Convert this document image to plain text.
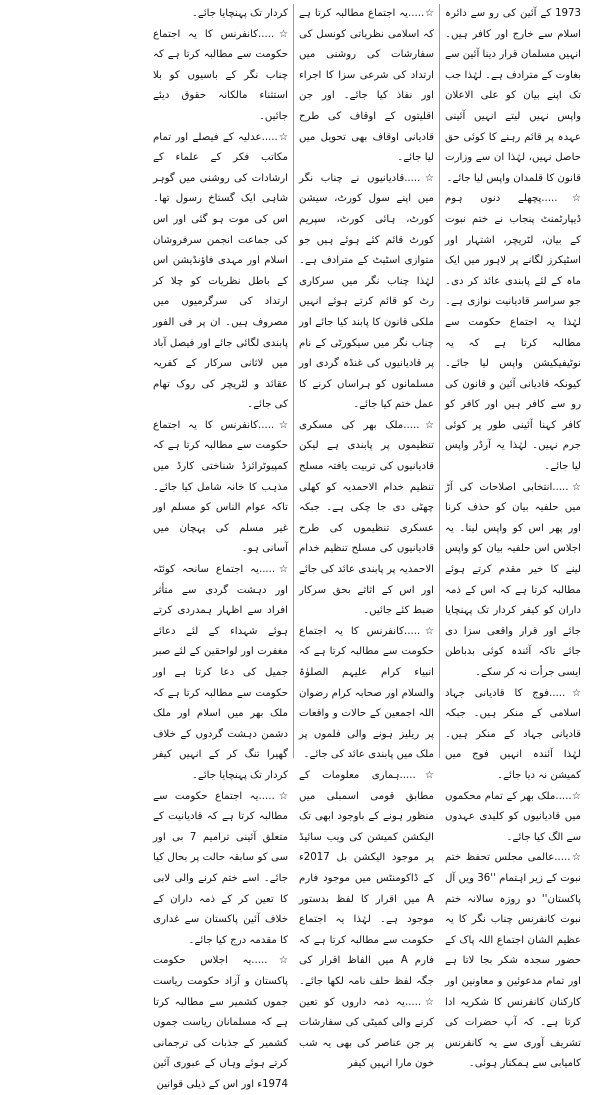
1973 کے آئین کی رو سے دائرہ اسلام سے خارج اور کافر ہیں۔ انہیں مسلمان قرار دینا آئین سے بغاوت کے مترادف ہے۔ لہٰذا جب تک اپنے بیان کو علی الاعلان واپس نہیں لیتے انہیں آئینی عہدہ پر قائم رہنے کا کوئی حق حاصل نہیں، لہٰذا ان سے وزارت قانون کا قلمدان واپس لیا جائے۔

☆.....پچھلے دنوں ہوم ڈیپارٹمنٹ پنجاب نے ختم نبوت کے بیان، لٹریچر، اشتہار اور اسٹیکرز لگانے پر لاہور میں ایک ماہ کے لئے پابندی عائد کر دی۔ جو سراسر قادیانیت نوازی ہے۔ لہٰذا یہ اجتماع حکومت سے مطالبہ کرتا ہے کہ یہ نوٹیفیکیشن واپس لیا جائے۔ کیونکہ قادیانی آئین و قانون کی رو سے کافر ہیں اور کافر کو کافر کہنا آئینی طور پر کوئی جرم نہیں۔ لہٰذا یہ آرڈر واپس لیا جائے۔

☆.....انتخابی اصلاحات کی آڑ میں حلفیہ بیان کو حذف کرنا اور پھر اس کو واپس لینا۔ یہ اجلاس اس حلفیہ بیان کو واپس لینے کا خیر مقدم کرتے ہوئے مطالبہ کرتا ہے کہ اس کے ذمہ داران کو کیفر کردار تک پہنچایا جائے اور قرار واقعی سزا دی جائے تاکہ آئندہ کوئی بدباطن ایسی جرأت نہ کر سکے۔

☆.....فوج کا قادیانی جہاد اسلامی کے منکر ہیں۔ جبکہ قادیانی جہاد کے منکر ہیں۔ لہٰذا آئندہ انہیں فوج میں کمیشن نہ دیا جائے۔

☆.....ملک بھر کے تمام محکموں میں قادیانیوں کو کلیدی عہدوں سے الگ کیا جائے۔

☆.....عالمی مجلس تحفظ ختم نبوت کے زیر اہتمام ''36 ویں آل پاکستان'' دو روزہ سالانہ ختم نبوت کانفرنس چناب نگر کا یہ عظیم الشان اجتماع اللہ پاک کے حضور سجدہ شکر بجا لاتا ہے اور تمام مدعوئین و معاونین اور کارکنان کانفرنس کا شکریہ ادا کرتا ہے۔ کہ آپ حضرات کی تشریف آوری سے یہ کانفرنس کامیابی سے ہمکنار ہوئی۔

☆.....یہ اجتماع مطالبہ کرتا ہے کہ اسلامی نظریاتی کونسل کی سفارشات کی روشنی میں ارتداد کی شرعی سزا کا اجراء اور نفاذ کیا جائے۔ اور جن اقلیتوں کے اوقاف کی طرح قادیانی اوقاف بھی تحویل میں لیا جائے۔

☆.....قادیانیوں نے چناب نگر میں اپنے سول کورٹ، سیشن کورٹ، ہائی کورٹ، سپریم کورٹ قائم کئے ہوئے ہیں جو متوازی اسٹیٹ کے مترادف ہے۔ لہٰذا چناب نگر میں سرکاری رٹ کو قائم کرتے ہوئے انہیں ملکی قانون کا پابند کیا جائے اور چناب نگر میں سیکورٹی کے نام پر قادیانیوں کی غنڈہ گردی اور مسلمانوں کو ہراساں کرنے کا عمل ختم کیا جائے۔

☆.....ملک بھر کی مسکری تنظیموں پر پابندی ہے لیکن قادیانیوں کی تربیت یافتہ مسلح تنظیم خدام الاحمدیہ کو کھلی چھٹی دی جا چکی ہے۔ جبکہ عسکری تنظیموں کی طرح قادیانیوں کی مسلح تنظیم خدام الاحمدیہ پر پابندی عائد کی جائے اور اس کے اثاثے بحق سرکار ضبط کئے جائیں۔

☆.....کانفرنس کا یہ اجتماع حکومت سے مطالبہ کرتا ہے کہ انبیاء کرام علیہم الصلوٰۃ والسلام اور صحابہ کرام رضوان اللہ اجمعین کے حالات و واقعات پر ریلیز ہونے والی فلموں پر ملک میں پابندی عائد کی جائے۔

☆.....ہماری معلومات کے مطابق قومی اسمبلی میں منظور ہونے کے باوجود ابھی تک الیکشن کمیشن کی ویب سائیڈ پر موجود الیکشن بل 2017ء کے ڈاکومنٹس میں موجود فارم A میں اقرار کا لفظ بدستور موجود ہے۔ لہٰذا یہ اجتماع حکومت سے مطالبہ کرتا ہے کہ فارم A میں الفاظ اقرار کی جگہ لفظ حلف نامہ لکھا جائے۔ ☆.....یہ ذمہ داروں کو تعین کرنے والی کمیٹی کی سفارشات پر جن عناصر کی بھی یہ شب خون مارا انہیں کیفر

کردار تک پہنچایا جائے۔

☆.....کانفرنس کا یہ اجتماع حکومت سے مطالبہ کرتا ہے کہ چناب نگر کے باسیوں کو بلا استثناء مالکانہ حقوق دیئے جائیں۔

☆.....عدلیہ کے فیصلے اور تمام مکاتب فکر کے علماء کے ارشادات کی روشنی میں گوہر شاہی ایک گستاخ رسول تھا۔ اس کی موت ہو گئی اور اس کی جماعت انجمن سرفروشان اسلام اور مہدی فاؤنڈیشن اس کے باطل نظریات کو چلا کر ارتداد کی سرگرمیوں میں مصروف ہیں۔ ان پر فی الفور پابندی لگائی جائے اور فیصل آباد میں لاثانی سرکار کے کفریہ عقائد و لٹریچر کی روک تھام کی جائے۔

☆.....کانفرنس کا یہ اجتماع حکومت سے مطالبہ کرتا ہے کہ کمپیوٹرائزڈ شناختی کارڈ میں مذہب کا خانہ شامل کیا جائے۔ تاکہ عوام الناس کو مسلم اور غیر مسلم کی پہچان میں آسانی ہو۔

☆.....یہ اجتماع سانحہ کوئٹہ اور دہشت گردی سے متأثر افراد سے اظہار ہمدردی کرتے ہوئے شہداء کے لئے دعائے مغفرت اور لواحقین کے لئے صبر جمیل کی دعا کرتا ہے اور حکومت سے مطالبہ کرتا ہے کہ ملک بھر میں اسلام اور ملک دشمن دہشت گردوں کے خلاف گھیرا تنگ کر کے انہیں کیفر کردار تک پہنچایا جائے۔

☆.....یہ اجتماع حکومت سے مطالبہ کرتا ہے کہ قادیانیت کے متعلق آئینی ترامیم 7 بی اور سی کو سابقہ حالت پر بحال کیا جائے۔ اسے ختم کرنے والی لابی کا تعین کر کے ذمہ داران کے خلاف آئین پاکستان سے غداری کا مقدمہ درج کیا جائے۔

☆.....یہ اجلاس حکومت پاکستان و آزاد حکومت ریاست جموں کشمیر سے مطالبہ کرتا ہے کہ مسلمانان ریاست جموں کشمیر کے جذبات کی ترجمانی کرتے ہوئے وہاں کے عبوری آئین 1974ء اور اس کے ذیلی قوانین
